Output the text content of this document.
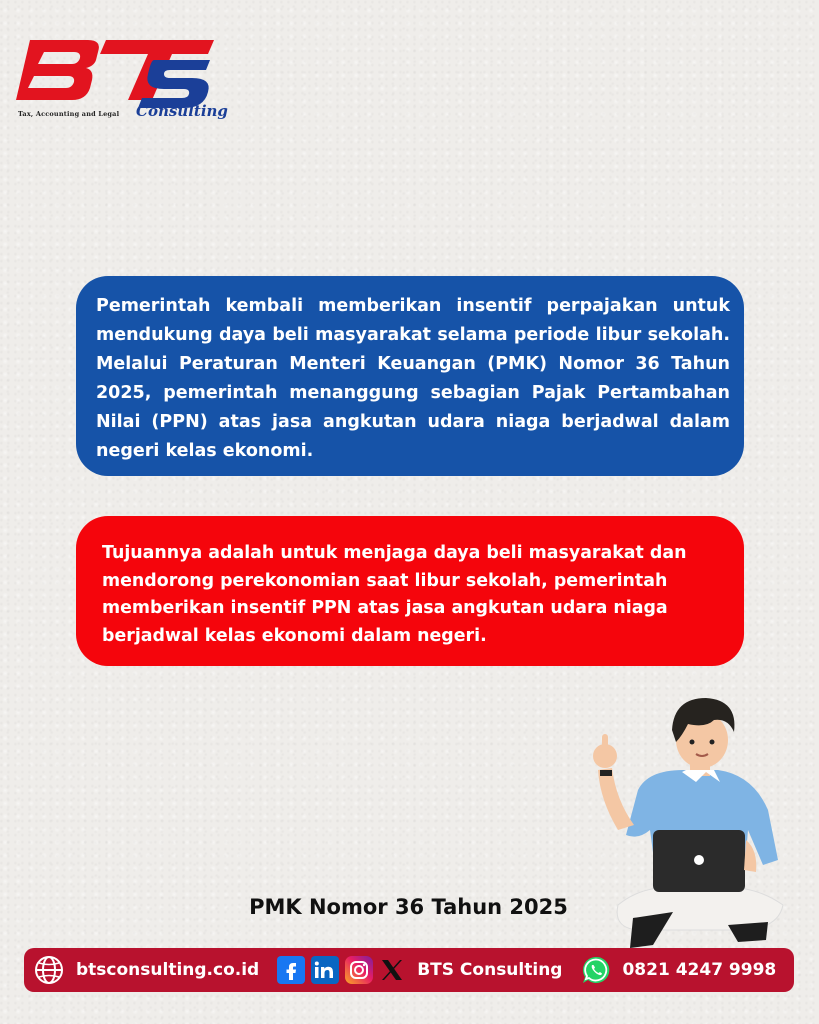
Tax, Accounting and Legal Consulting

Pemerintah kembali memberikan insentif perpajakan untuk mendukung daya beli masyarakat selama periode libur sekolah. Melalui Peraturan Menteri Keuangan (PMK) Nomor 36 Tahun 2025, pemerintah menanggung sebagian Pajak Pertambahan Nilai (PPN) atas jasa angkutan udara niaga berjadwal dalam negeri kelas ekonomi.

Tujuannya adalah untuk menjaga daya beli masyarakat dan mendorong perekonomian saat libur sekolah, pemerintah memberikan insentif PPN atas jasa angkutan udara niaga berjadwal kelas ekonomi dalam negeri.

PMK Nomor 36 Tahun 2025
btsconsulting.co.id	BTS Consulting	0821 4247 9998
